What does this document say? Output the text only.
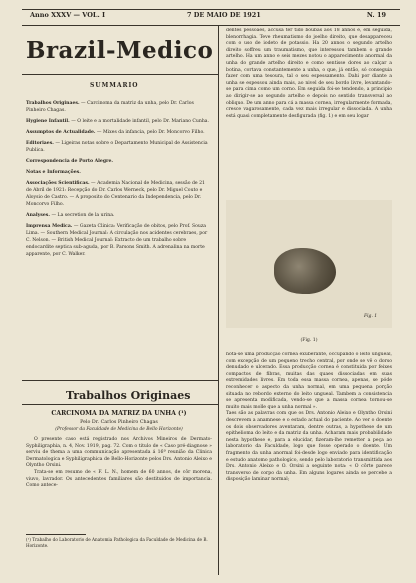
Anno XXXV — VOL. I	7 DE MAIO DE 1921	N. 19
Brazil-Medico
SUMMARIO

Trabalhos Originaes. — Carcinoma da matriz da unha, pelo Dr. Carlos Pinheiro Chagas.

Hygiene Infantil. — O leite e a mortalidade infantil, pelo Dr. Mariano Cunha.

Assumptos de Actualidade. — Mixes da infancia, pelo Dr. Moncorvo Filho.

Editoriaes. — Ligeiras notas sobre o Departamento Municipal de Assistencia Publica.

Correspondencia de Porto Alegre.

Notas e Informações.

Associações Scientificas. — Academia Nacional de Medicina, sessão de 21 de Abril de 1921: Recepção do Dr. Carlos Werneck, pelo Dr. Miguel Couto e Aloysio de Castro. — A proposito do Centenario da Independencia, pelo Dr. Moncorvo Filho.

Analyses. — La secretion de la urina.

Imprensa Medica. — Gazeta Clinica: Verificação de obitos, pelo Prof. Souza Lima. — Southern Medical Journal: A circulação nos acidentes cerebraes, por C. Nelson. — British Medical Journal: Extracto de um trabalho sobre endocardite septica sub-aguda, por B. Parsons Smith. A adrenalina na morte apparente, por C. Walker.

Trabalhos Originaes
CARCINOMA DA MATRIZ DA UNHA (¹)
Pelo Dr. Carlos Pinheiro Chagas
(Professor da Faculdade de Medicina de Bello Horizonte)
O presente caso está registrado nos Archivos Mineiros de Dermato-Syphiligraphia, n. 4, Nov. 1919, pag. 72. Com o titulo de « Caso pré-diagnose » serviu de thema a uma communicação apresentada á 16ª reunião da Clinica Dermatologica e Syphiligraphica de Bello-Horizonte pelos Drs. Antonio Aleixo e Olyntho Orsini.
Trata-se em resumo de « F. L. N., homem de 60 annos, de côr morena, viuvo, lavrador. Os antecedentes familiares são destituidos de importancia. Como antece-
(¹) Trabalho do Laboratorio de Anatomia Pathologica da Faculdade de Medicina de B. Horizonte.
dentes pessoaes, accusa ter tido boubas aos 18 annos e, em seguida, blenorrhagia. Teve rheumatismo do joelho direito, que desappareceu com o uso de iodeto de potassio. Ha 20 annos o segundo artelho direito soffreu um traumatismo, que interessou tambem o grande artelho. Ha um anno e seis mezes notou o apparecimento anormal da unha do grande artelho direito e como sentisse dores ao calçar a botina, cortava constantemente a unha, o que, já então, só conseguia fazer com uma tesoura, tal o seu espessamento. Dahi por diante a unha se espessou ainda mais, ao nivel de seu bordo livre, levantando-se para cima como um corno. Em seguida foi-se tendendo, a principio ao dirigir-se ao segundo artelho e depois no sentido transversal ao obliquo. De um anno para cá a massa cornea, irregularmente formada, cresce vagarosamente, cada vez mais irregular e dissociada. A unha está quasi completamente desfigurada (fig. 1) e em seu logar
Fig. 1
(Fig. 1)
nota-se uma producção cornea exuberante, occupando o leito ungueal, com excepção de um pequeno trecho central, por onde se vê o dorso denudado e ulcerado. Essa producção cornea é constituida por feixes compactos de fibras, muitas das quaes dissociadas em suas extremidades livres. Em toda essa massa cornea, apenas, se póde reconhecer o aspecto da unha normal, em uma pequena porção situada no rebordo externo do leito ungueal. Tambem a consistencia se apresenta modificada, vendo-se que a massa cornea tornou-se muito mais molle que a unha normal ».
Taes são as palavras com que os Drs. Antonio Aleixo e Olyntho Orsini descrevem a anamnese e o estado actual do paciente. Ao ver o doente os dois observadores aventaram, dentre outras, a hypothese de um epithelioma do leito e da matriz da unha. Acharam mais probabilidade nesta hypothese e, para a elucidar, fizeram-lhe remetter a peça ao laboratorio da Faculdade, logo que fosse operado o doente. Um fragmento da unha anormal foi-desde logo enviado para identificação e estudo anatomo pathologico, sendo pelo laboratorio transmittida aos Drs. Antonio Aleixo e O. Orsini a seguinte nota: « O côrte parece transverso de corpo da unha. Em alguns logares ainda se percebe a disposição laminar normal;
